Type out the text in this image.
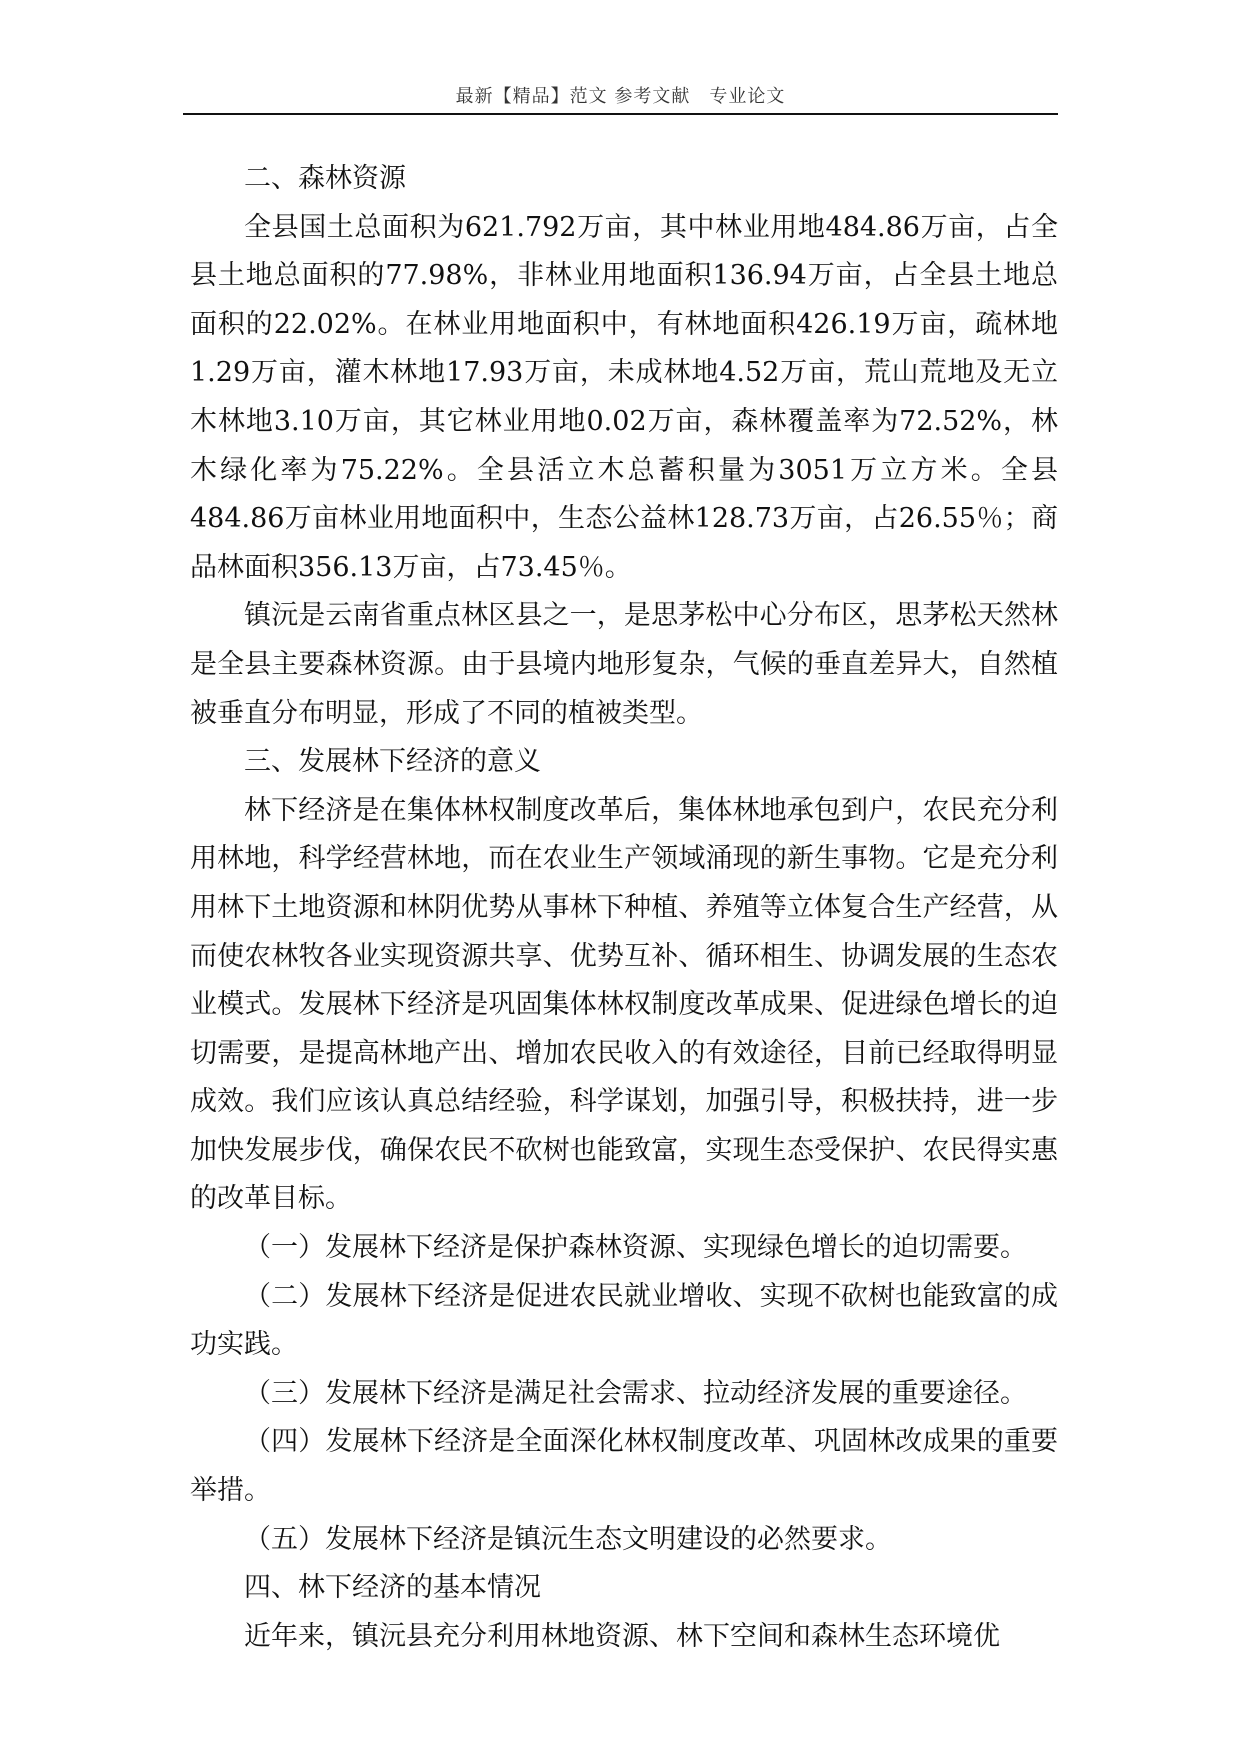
最新【精品】范文 参考文献　专业论文

二、森林资源

全县国土总面积为621.792万亩，其中林业用地484.86万亩，占全县土地总面积的77.98%，非林业用地面积136.94万亩，占全县土地总面积的22.02%。在林业用地面积中，有林地面积426.19万亩，疏林地1.29万亩，灌木林地17.93万亩，未成林地4.52万亩，荒山荒地及无立木林地3.10万亩，其它林业用地0.02万亩，森林覆盖率为72.52%，林木绿化率为75.22%。全县活立木总蓄积量为3051万立方米。全县484.86万亩林业用地面积中，生态公益林128.73万亩，占26.55％；商品林面积356.13万亩，占73.45％。

镇沅是云南省重点林区县之一，是思茅松中心分布区，思茅松天然林是全县主要森林资源。由于县境内地形复杂，气候的垂直差异大，自然植被垂直分布明显，形成了不同的植被类型。

三、发展林下经济的意义

林下经济是在集体林权制度改革后，集体林地承包到户，农民充分利用林地，科学经营林地，而在农业生产领域涌现的新生事物。它是充分利用林下土地资源和林阴优势从事林下种植、养殖等立体复合生产经营，从而使农林牧各业实现资源共享、优势互补、循环相生、协调发展的生态农业模式。发展林下经济是巩固集体林权制度改革成果、促进绿色增长的迫切需要，是提高林地产出、增加农民收入的有效途径，目前已经取得明显成效。我们应该认真总结经验，科学谋划，加强引导，积极扶持，进一步加快发展步伐，确保农民不砍树也能致富，实现生态受保护、农民得实惠的改革目标。

（一）发展林下经济是保护森林资源、实现绿色增长的迫切需要。

（二）发展林下经济是促进农民就业增收、实现不砍树也能致富的成功实践。

（三）发展林下经济是满足社会需求、拉动经济发展的重要途径。

（四）发展林下经济是全面深化林权制度改革、巩固林改成果的重要举措。

（五）发展林下经济是镇沅生态文明建设的必然要求。

四、林下经济的基本情况

近年来，镇沅县充分利用林地资源、林下空间和森林生态环境优
